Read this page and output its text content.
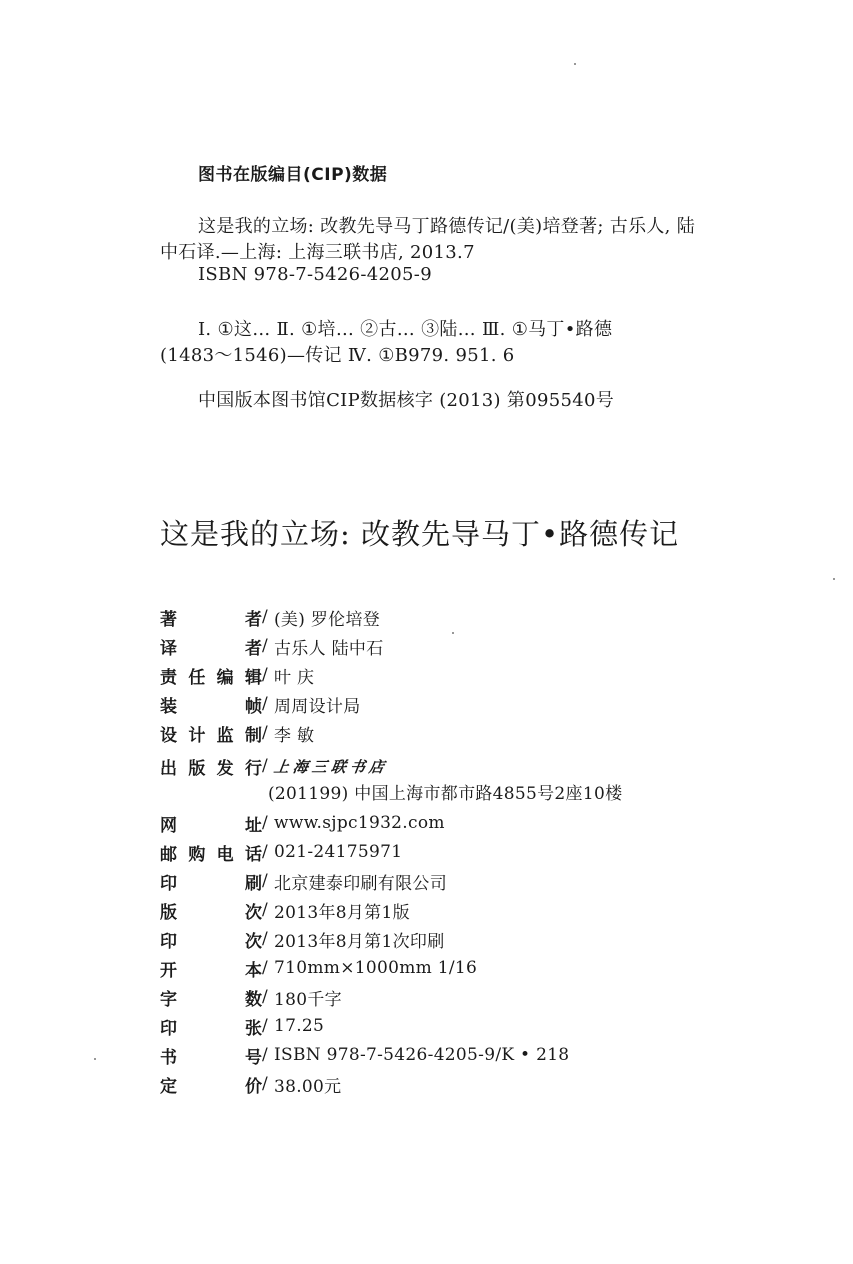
图书在版编目(CIP)数据
这是我的立场: 改教先导马丁路德传记/(美)培登著; 古乐人, 陆
中石译.—上海: 上海三联书店, 2013.7
ISBN 978-7-5426-4205-9
Ⅰ. ①这… Ⅱ. ①培… ②古… ③陆… Ⅲ. ①马丁•路德
(1483～1546)—传记 Ⅳ. ①B979. 951. 6
中国版本图书馆CIP数据核字 (2013) 第095540号
这是我的立场: 改教先导马丁•路德传记
著	者 / (美) 罗伦培登
译	者 / 古乐人 陆中石
责 任 编 辑 / 叶 庆
装	帧 / 周周设计局
设 计 监 制 / 李 敏
出 版 发 行 / 上海三联书店
(201199) 中国上海市都市路4855号2座10楼
网	址 / www.sjpc1932.com
邮 购 电 话 / 021-24175971
印	刷 / 北京建泰印刷有限公司
版	次 / 2013年8月第1版
印	次 / 2013年8月第1次印刷
开	本 / 710mm×1000mm 1/16
字	数 / 180千字
印	张 / 17.25
书	号 / ISBN 978-7-5426-4205-9/K • 218
定	价 / 38.00元
